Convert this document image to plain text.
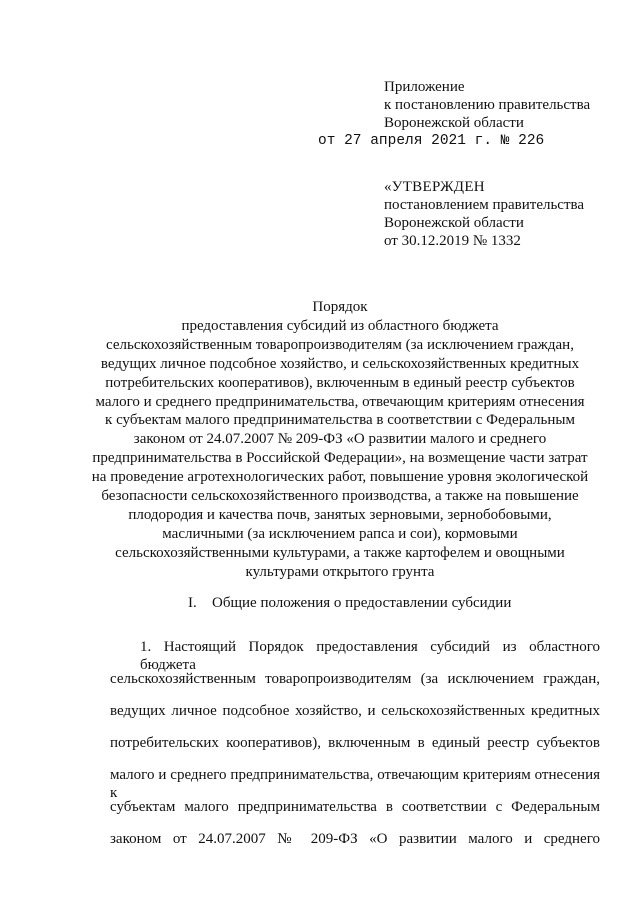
Приложение
к постановлению правительства
Воронежской области
от 27 апреля 2021 г. № 226
«УТВЕРЖДЕН
постановлением правительства
Воронежской области
от 30.12.2019 № 1332
Порядок
предоставления субсидий из областного бюджета
сельскохозяйственным товаропроизводителям (за исключением граждан,
ведущих личное подсобное хозяйство, и сельскохозяйственных кредитных
потребительских кооперативов), включенным в единый реестр субъектов
малого и среднего предпринимательства, отвечающим критериям отнесения
к субъектам малого предпринимательства в соответствии с Федеральным
законом от 24.07.2007 № 209-ФЗ «О развитии малого и среднего
предпринимательства в Российской Федерации», на возмещение части затрат
на проведение агротехнологических работ, повышение уровня экологической
безопасности сельскохозяйственного производства, а также на повышение
плодородия и качества почв, занятых зерновыми, зернобобовыми,
масличными (за исключением рапса и сои), кормовыми
сельскохозяйственными культурами, а также картофелем и овощными
культурами открытого грунта
I. Общие положения о предоставлении субсидии
1. Настоящий Порядок предоставления субсидий из областного бюджета
сельскохозяйственным товаропроизводителям (за исключением граждан,
ведущих личное подсобное хозяйство, и сельскохозяйственных кредитных
потребительских кооперативов), включенным в единый реестр субъектов
малого и среднего предпринимательства, отвечающим критериям отнесения к
субъектам малого предпринимательства в соответствии с Федеральным
законом от 24.07.2007 № 209-ФЗ «О развитии малого и среднего
